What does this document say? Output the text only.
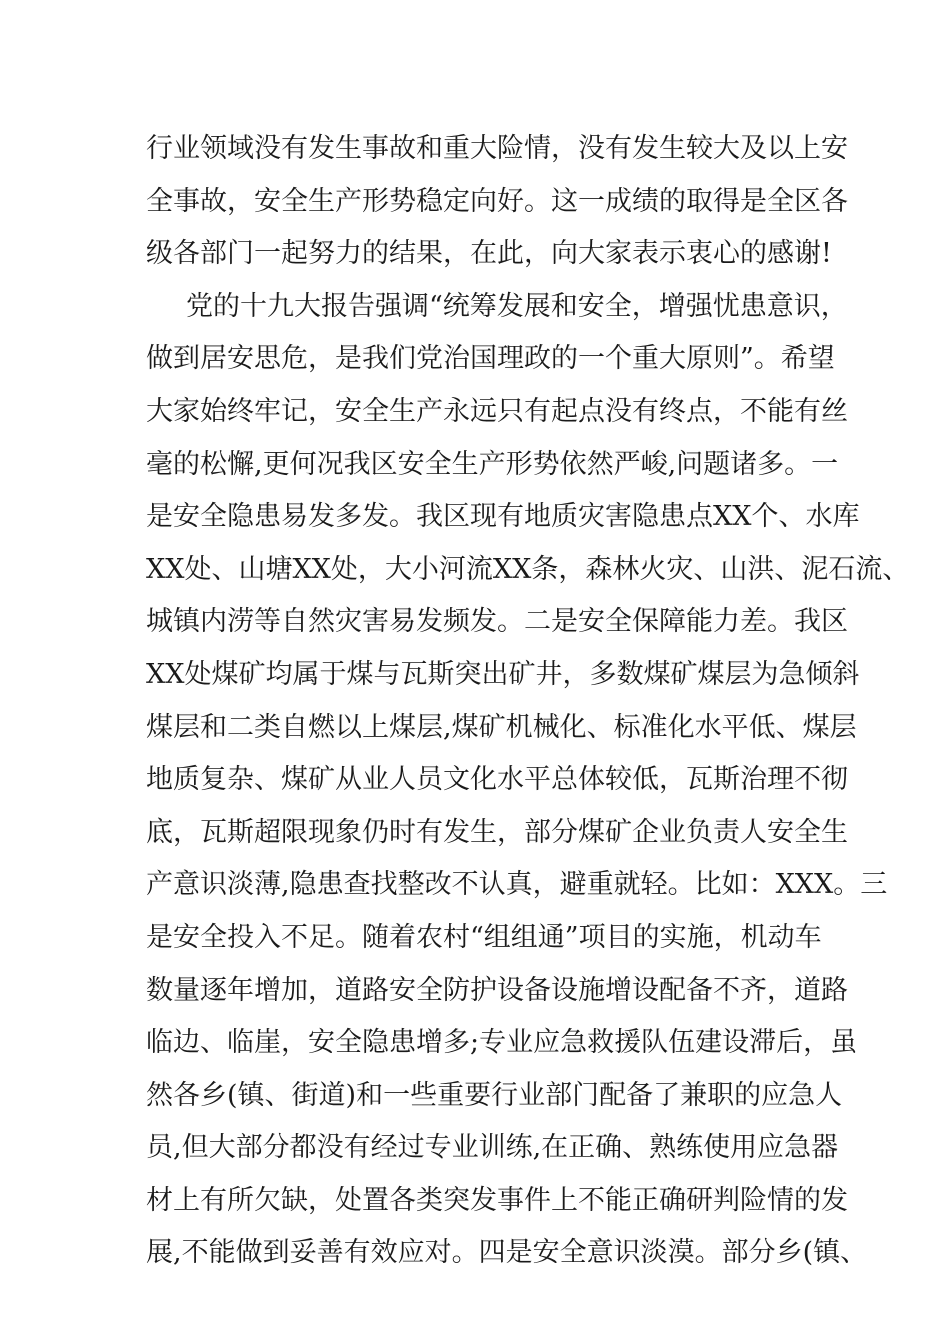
行业领域没有发生事故和重大险情，没有发生较大及以上安
全事故，安全生产形势稳定向好。这一成绩的取得是全区各
级各部门一起努力的结果，在此，向大家表示衷心的感谢!
党的十九大报告强调“统筹发展和安全，增强忧患意识，
做到居安思危，是我们党治国理政的一个重大原则”。希望
大家始终牢记，安全生产永远只有起点没有终点，不能有丝
毫的松懈,更何况我区安全生产形势依然严峻,问题诸多。一
是安全隐患易发多发。我区现有地质灾害隐患点XX个、水库
XX处、山塘XX处，大小河流XX条，森林火灾、山洪、泥石流、
城镇内涝等自然灾害易发频发。二是安全保障能力差。我区
XX处煤矿均属于煤与瓦斯突出矿井，多数煤矿煤层为急倾斜
煤层和二类自燃以上煤层,煤矿机械化、标准化水平低、煤层
地质复杂、煤矿从业人员文化水平总体较低，瓦斯治理不彻
底，瓦斯超限现象仍时有发生，部分煤矿企业负责人安全生
产意识淡薄,隐患查找整改不认真，避重就轻。比如：XXX。三
是安全投入不足。随着农村“组组通”项目的实施，机动车
数量逐年增加，道路安全防护设备设施增设配备不齐，道路
临边、临崖，安全隐患增多;专业应急救援队伍建设滞后，虽
然各乡(镇、街道)和一些重要行业部门配备了兼职的应急人
员,但大部分都没有经过专业训练,在正确、熟练使用应急器
材上有所欠缺，处置各类突发事件上不能正确研判险情的发
展,不能做到妥善有效应对。四是安全意识淡漠。部分乡(镇、
